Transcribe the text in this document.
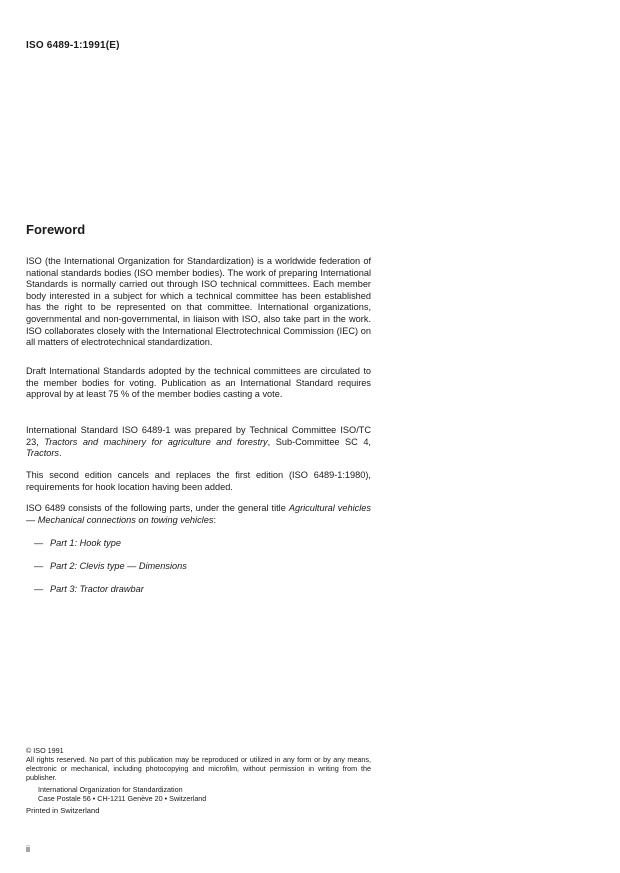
ISO 6489-1:1991(E)
Foreword
ISO (the International Organization for Standardization) is a worldwide federation of national standards bodies (ISO member bodies). The work of preparing International Standards is normally carried out through ISO technical committees. Each member body interested in a subject for which a technical committee has been established has the right to be represented on that committee. International organizations, governmental and non-governmental, in liaison with ISO, also take part in the work. ISO collaborates closely with the International Electrotechnical Commission (IEC) on all matters of electrotechnical standardization.
Draft International Standards adopted by the technical committees are circulated to the member bodies for voting. Publication as an International Standard requires approval by at least 75 % of the member bodies casting a vote.
International Standard ISO 6489-1 was prepared by Technical Committee ISO/TC 23, Tractors and machinery for agriculture and forestry, Sub-Committee SC 4, Tractors.
This second edition cancels and replaces the first edition (ISO 6489-1:1980), requirements for hook location having been added.
ISO 6489 consists of the following parts, under the general title Agricultural vehicles — Mechanical connections on towing vehicles:
— Part 1: Hook type
— Part 2: Clevis type — Dimensions
— Part 3: Tractor drawbar
© ISO 1991
All rights reserved. No part of this publication may be reproduced or utilized in any form or by any means, electronic or mechanical, including photocopying and microfilm, without permission in writing from the publisher.
International Organization for Standardization
Case Postale 56 • CH-1211 Genève 20 • Switzerland
Printed in Switzerland
ii
